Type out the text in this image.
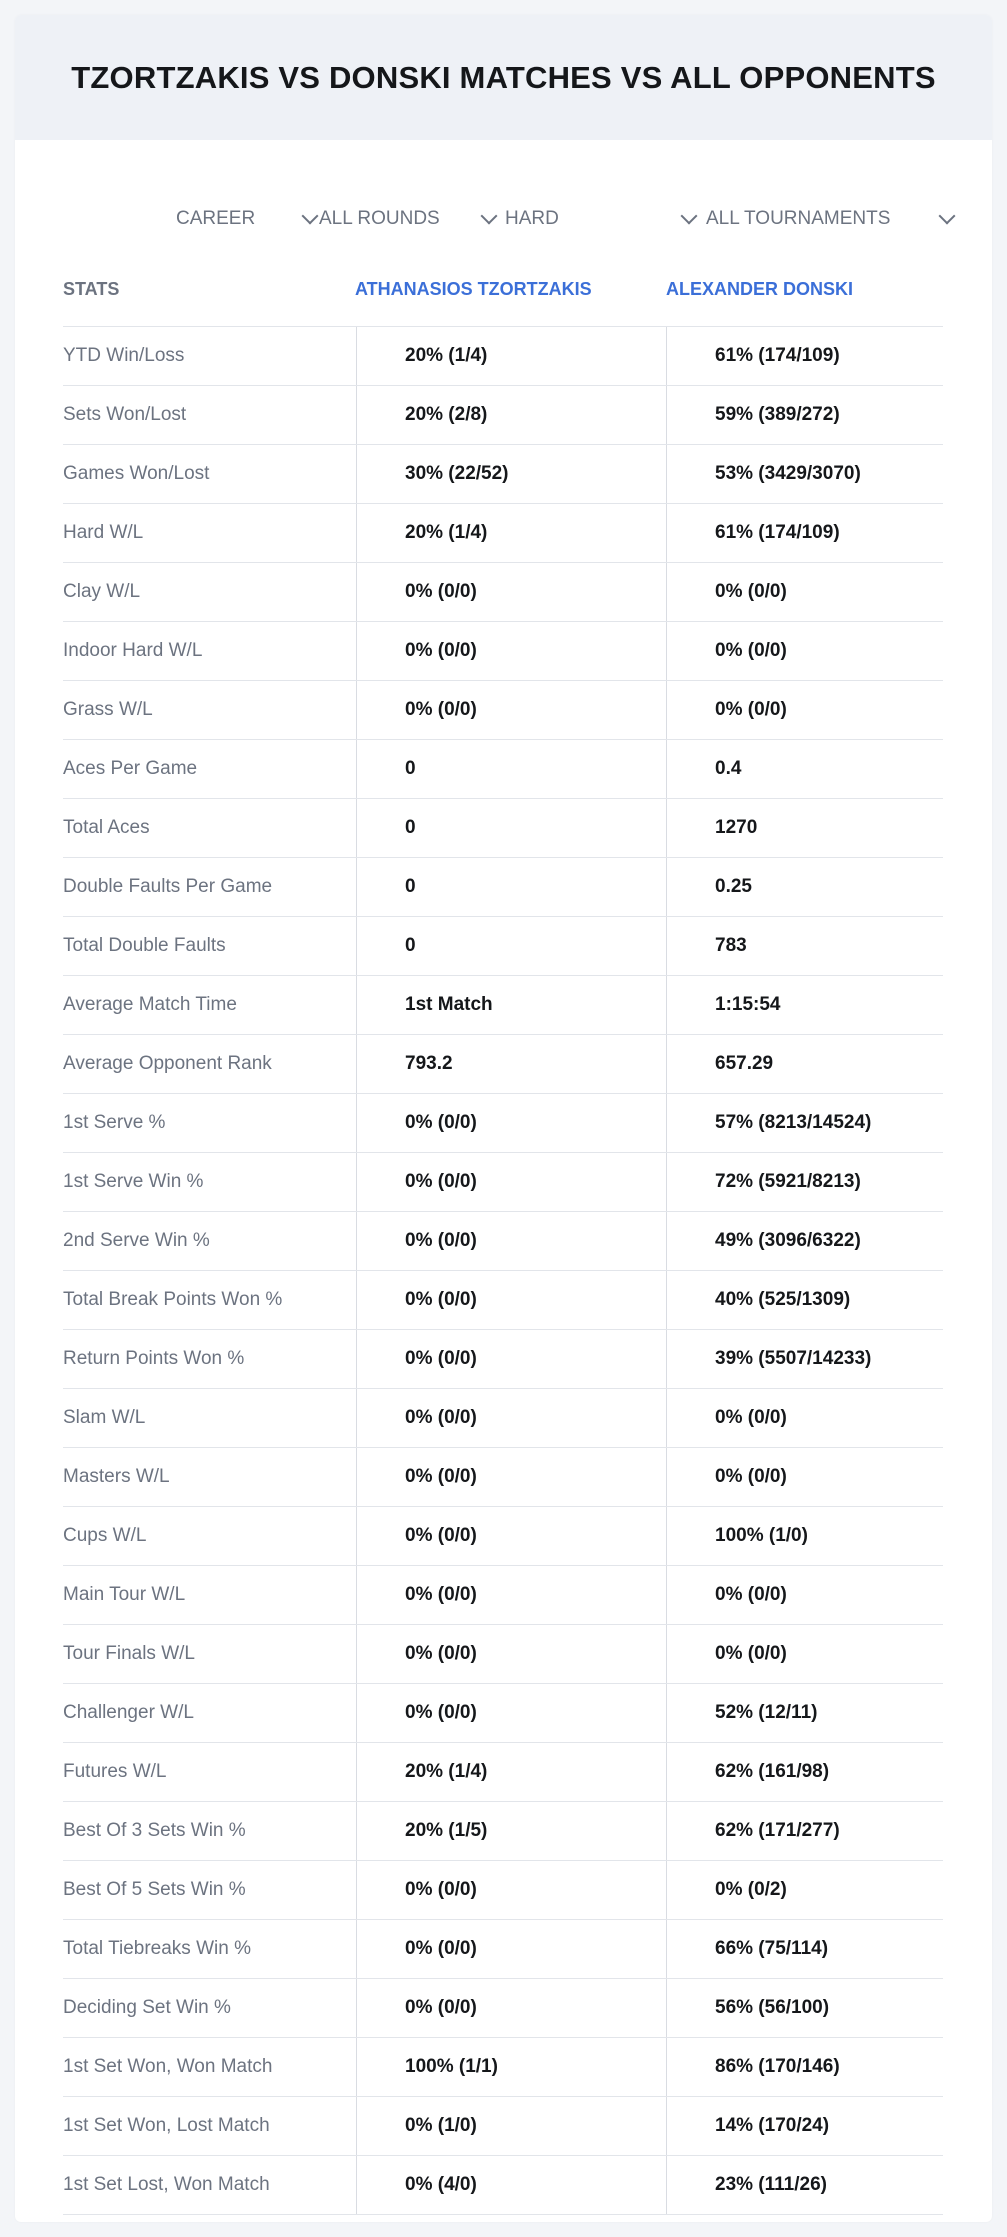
TZORTZAKIS VS DONSKI MATCHES VS ALL OPPONENTS
CAREER	ALL ROUNDS	HARD	ALL TOURNAMENTS
STATS	ATHANASIOS TZORTZAKIS	ALEXANDER DONSKI
YTD Win/Loss	20% (1/4)	61% (174/109)
Sets Won/Lost	20% (2/8)	59% (389/272)
Games Won/Lost	30% (22/52)	53% (3429/3070)
Hard W/L	20% (1/4)	61% (174/109)
Clay W/L	0% (0/0)	0% (0/0)
Indoor Hard W/L	0% (0/0)	0% (0/0)
Grass W/L	0% (0/0)	0% (0/0)
Aces Per Game	0	0.4
Total Aces	0	1270
Double Faults Per Game	0	0.25
Total Double Faults	0	783
Average Match Time	1st Match	1:15:54
Average Opponent Rank	793.2	657.29
1st Serve %	0% (0/0)	57% (8213/14524)
1st Serve Win %	0% (0/0)	72% (5921/8213)
2nd Serve Win %	0% (0/0)	49% (3096/6322)
Total Break Points Won %	0% (0/0)	40% (525/1309)
Return Points Won %	0% (0/0)	39% (5507/14233)
Slam W/L	0% (0/0)	0% (0/0)
Masters W/L	0% (0/0)	0% (0/0)
Cups W/L	0% (0/0)	100% (1/0)
Main Tour W/L	0% (0/0)	0% (0/0)
Tour Finals W/L	0% (0/0)	0% (0/0)
Challenger W/L	0% (0/0)	52% (12/11)
Futures W/L	20% (1/4)	62% (161/98)
Best Of 3 Sets Win %	20% (1/5)	62% (171/277)
Best Of 5 Sets Win %	0% (0/0)	0% (0/2)
Total Tiebreaks Win %	0% (0/0)	66% (75/114)
Deciding Set Win %	0% (0/0)	56% (56/100)
1st Set Won, Won Match	100% (1/1)	86% (170/146)
1st Set Won, Lost Match	0% (1/0)	14% (170/24)
1st Set Lost, Won Match	0% (4/0)	23% (111/26)
